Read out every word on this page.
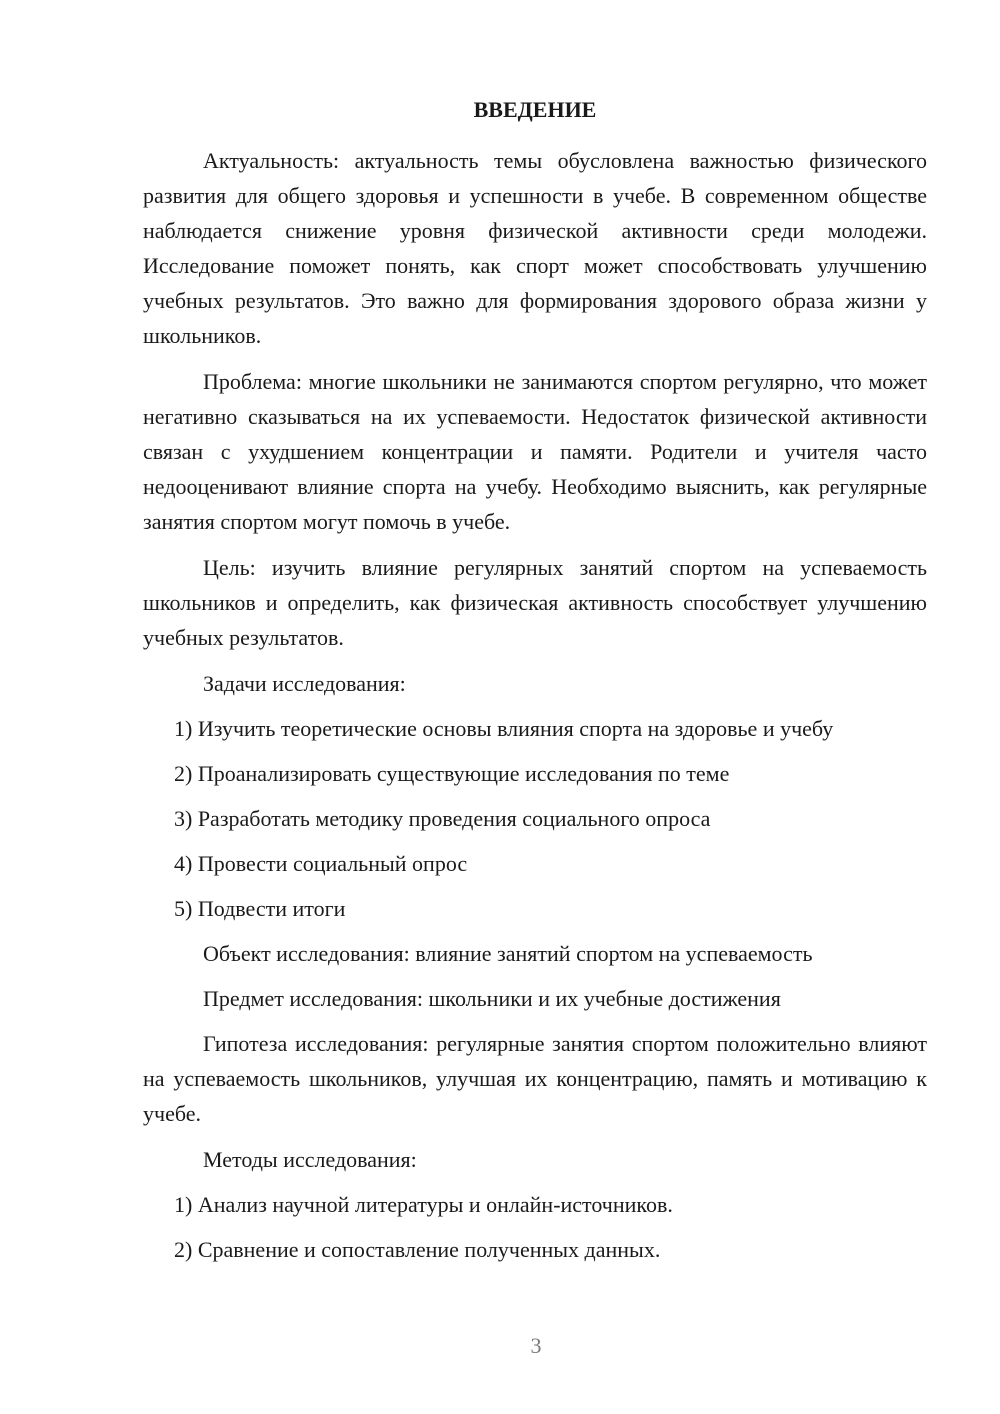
ВВЕДЕНИЕ

Актуальность: актуальность темы обусловлена важностью физического развития для общего здоровья и успешности в учебе. В современном обществе наблюдается снижение уровня физической активности среди молодежи. Исследование поможет понять, как спорт может способствовать улучшению учебных результатов. Это важно для формирования здорового образа жизни у школьников.

Проблема: многие школьники не занимаются спортом регулярно, что может негативно сказываться на их успеваемости. Недостаток физической активности связан с ухудшением концентрации и памяти. Родители и учителя часто недооценивают влияние спорта на учебу. Необходимо выяснить, как регулярные занятия спортом могут помочь в учебе.

Цель: изучить влияние регулярных занятий спортом на успеваемость школьников и определить, как физическая активность способствует улучшению учебных результатов.

Задачи исследования:
1) Изучить теоретические основы влияния спорта на здоровье и учебу
2) Проанализировать существующие исследования по теме
3) Разработать методику проведения социального опроса
4) Провести социальный опрос
5) Подвести итоги
Объект исследования: влияние занятий спортом на успеваемость
Предмет исследования: школьники и их учебные достижения

Гипотеза исследования: регулярные занятия спортом положительно влияют на успеваемость школьников, улучшая их концентрацию, память и мотивацию к учебе.

Методы исследования:
1) Анализ научной литературы и онлайн-источников.
2) Сравнение и сопоставление полученных данных.
3
